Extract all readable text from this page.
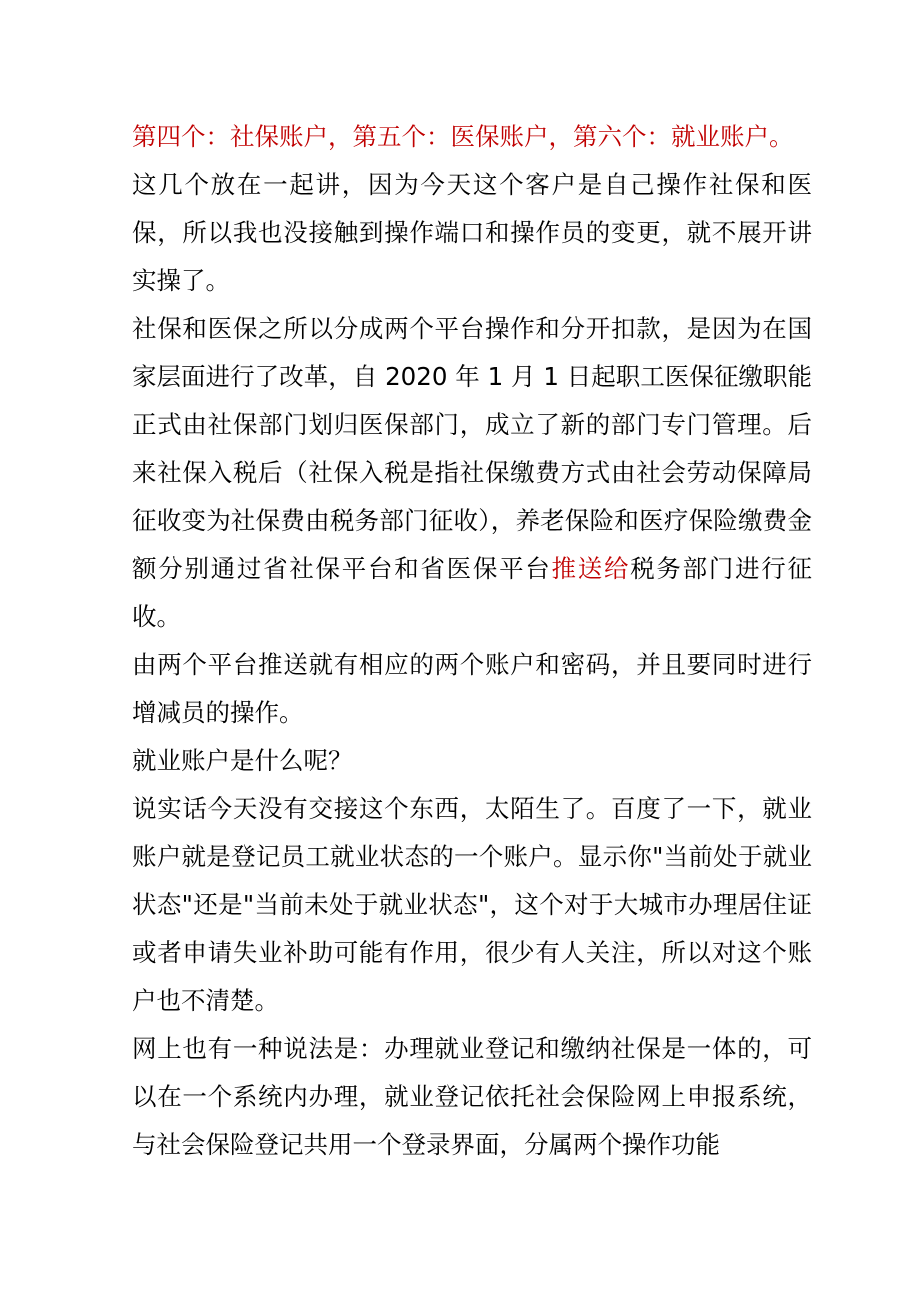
第四个：社保账户，第五个：医保账户，第六个：就业账户。

这几个放在一起讲，因为今天这个客户是自己操作社保和医保，所以我也没接触到操作端口和操作员的变更，就不展开讲实操了。

社保和医保之所以分成两个平台操作和分开扣款，是因为在国家层面进行了改革，自 2020 年 1 月 1 日起职工医保征缴职能正式由社保部门划归医保部门，成立了新的部门专门管理。后来社保入税后（社保入税是指社保缴费方式由社会劳动保障局征收变为社保费由税务部门征收），养老保险和医疗保险缴费金额分别通过省社保平台和省医保平台推送给税务部门进行征收。

由两个平台推送就有相应的两个账户和密码，并且要同时进行增减员的操作。

就业账户是什么呢？

说实话今天没有交接这个东西，太陌生了。百度了一下，就业账户就是登记员工就业状态的一个账户。显示你"当前处于就业状态"还是"当前未处于就业状态"，这个对于大城市办理居住证或者申请失业补助可能有作用，很少有人关注，所以对这个账户也不清楚。

网上也有一种说法是：办理就业登记和缴纳社保是一体的，可以在一个系统内办理，就业登记依托社会保险网上申报系统，与社会保险登记共用一个登录界面，分属两个操作功能
